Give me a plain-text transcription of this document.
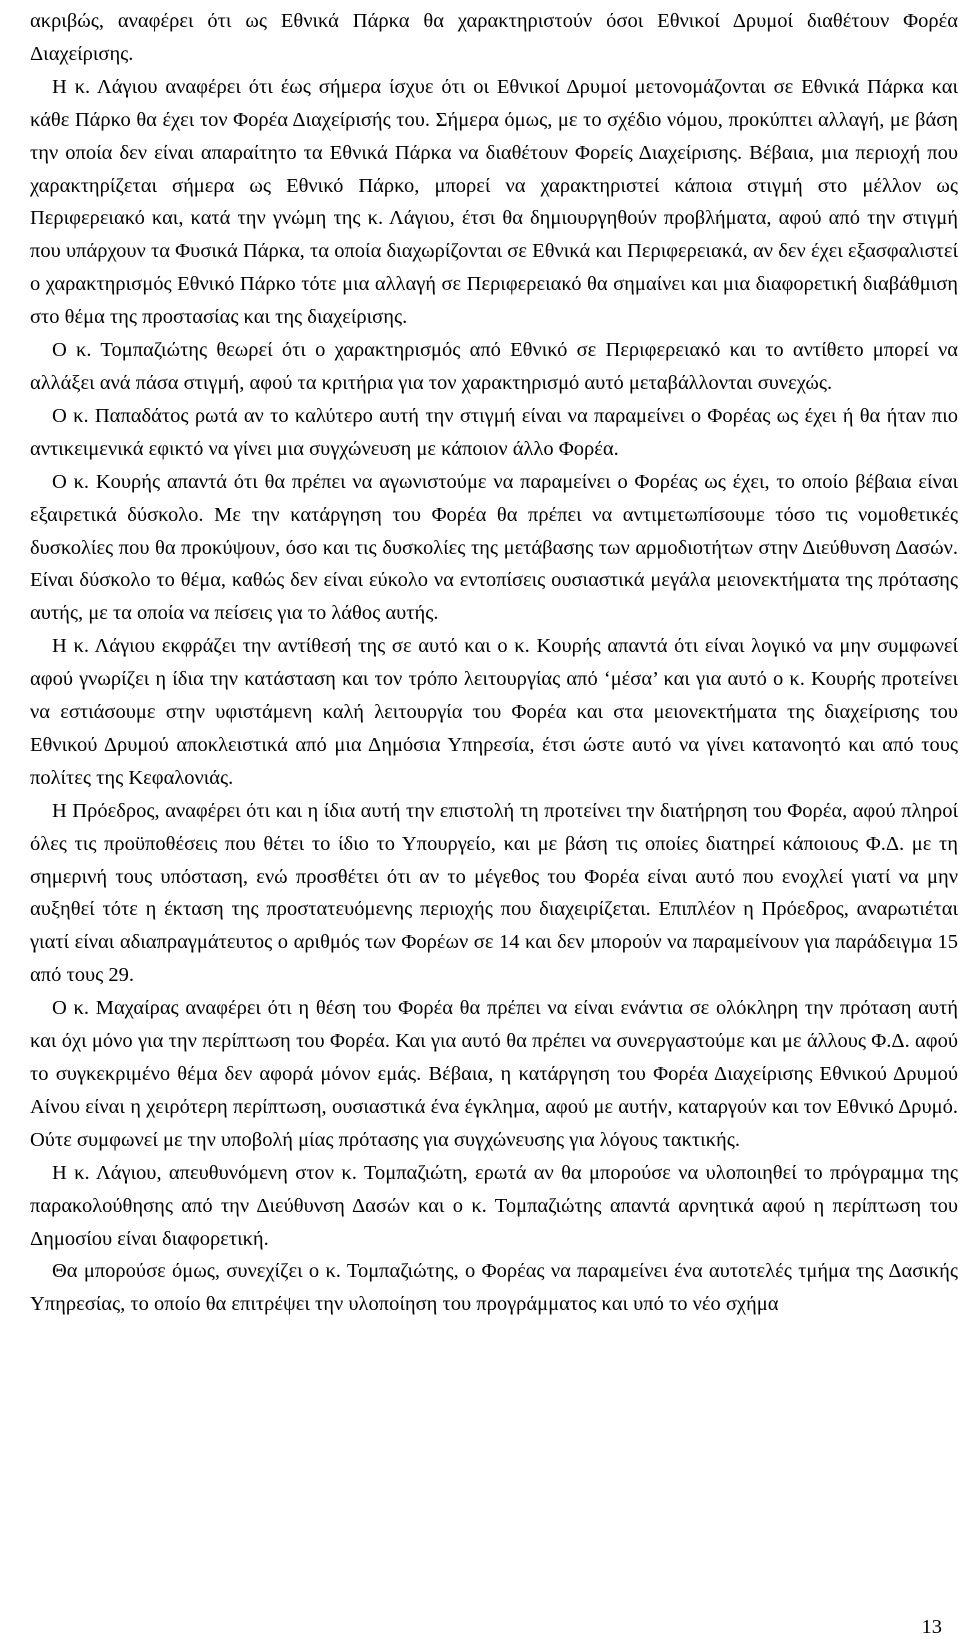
ακριβώς, αναφέρει ότι ως Εθνικά Πάρκα θα χαρακτηριστούν όσοι Εθνικοί Δρυμοί διαθέτουν Φορέα Διαχείρισης.

Η κ. Λάγιου αναφέρει ότι έως σήμερα ίσχυε ότι οι Εθνικοί Δρυμοί μετονομάζονται σε Εθνικά Πάρκα και κάθε Πάρκο θα έχει τον Φορέα Διαχείρισής του. Σήμερα όμως, με το σχέδιο νόμου, προκύπτει αλλαγή, με βάση την οποία δεν είναι απαραίτητο τα Εθνικά Πάρκα να διαθέτουν Φορείς Διαχείρισης. Βέβαια, μια περιοχή που χαρακτηρίζεται σήμερα ως Εθνικό Πάρκο, μπορεί να χαρακτηριστεί κάποια στιγμή στο μέλλον ως Περιφερειακό και, κατά την γνώμη της κ. Λάγιου, έτσι θα δημιουργηθούν προβλήματα, αφού από την στιγμή που υπάρχουν τα Φυσικά Πάρκα, τα οποία διαχωρίζονται σε Εθνικά και Περιφερειακά, αν δεν έχει εξασφαλιστεί ο χαρακτηρισμός Εθνικό Πάρκο τότε μια αλλαγή σε Περιφερειακό θα σημαίνει και μια διαφορετική διαβάθμιση στο θέμα της προστασίας και της διαχείρισης.

Ο κ. Τομπαζιώτης θεωρεί ότι ο χαρακτηρισμός από Εθνικό σε Περιφερειακό και το αντίθετο μπορεί να αλλάξει ανά πάσα στιγμή, αφού τα κριτήρια για τον χαρακτηρισμό αυτό μεταβάλλονται συνεχώς.

Ο κ. Παπαδάτος ρωτά αν το καλύτερο αυτή την στιγμή είναι να παραμείνει ο Φορέας ως έχει ή θα ήταν πιο αντικειμενικά εφικτό να γίνει μια συγχώνευση με κάποιον άλλο Φορέα.

Ο κ. Κουρής απαντά ότι θα πρέπει να αγωνιστούμε να παραμείνει ο Φορέας ως έχει, το οποίο βέβαια είναι εξαιρετικά δύσκολο. Με την κατάργηση του Φορέα θα πρέπει να αντιμετωπίσουμε τόσο τις νομοθετικές δυσκολίες που θα προκύψουν, όσο και τις δυσκολίες της μετάβασης των αρμοδιοτήτων στην Διεύθυνση Δασών. Είναι δύσκολο το θέμα, καθώς δεν είναι εύκολο να εντοπίσεις ουσιαστικά μεγάλα μειονεκτήματα της πρότασης αυτής, με τα οποία να πείσεις για το λάθος αυτής.

Η κ. Λάγιου εκφράζει την αντίθεσή της σε αυτό και ο κ. Κουρής απαντά ότι είναι λογικό να μην συμφωνεί αφού γνωρίζει η ίδια την κατάσταση και τον τρόπο λειτουργίας από ‘μέσα’ και για αυτό ο κ. Κουρής προτείνει να εστιάσουμε στην υφιστάμενη καλή λειτουργία του Φορέα και στα μειονεκτήματα της διαχείρισης του Εθνικού Δρυμού αποκλειστικά από μια Δημόσια Υπηρεσία, έτσι ώστε αυτό να γίνει κατανοητό και από τους πολίτες της Κεφαλονιάς.

Η Πρόεδρος, αναφέρει ότι και η ίδια αυτή την επιστολή τη προτείνει την διατήρηση του Φορέα, αφού πληροί όλες τις προϋποθέσεις που θέτει το ίδιο το Υπουργείο, και με βάση τις οποίες διατηρεί κάποιους Φ.Δ. με τη σημερινή τους υπόσταση, ενώ προσθέτει ότι αν το μέγεθος του Φορέα είναι αυτό που ενοχλεί γιατί να μην αυξηθεί τότε η έκταση της προστατευόμενης περιοχής που διαχειρίζεται. Επιπλέον η Πρόεδρος, αναρωτιέται γιατί είναι αδιαπραγμάτευτος ο αριθμός των Φορέων σε 14 και δεν μπορούν να παραμείνουν για παράδειγμα 15 από τους 29.

Ο κ. Μαχαίρας αναφέρει ότι η θέση του Φορέα θα πρέπει να είναι ενάντια σε ολόκληρη την πρόταση αυτή και όχι μόνο για την περίπτωση του Φορέα. Και για αυτό θα πρέπει να συνεργαστούμε και με άλλους Φ.Δ. αφού το συγκεκριμένο θέμα δεν αφορά μόνον εμάς. Βέβαια, η κατάργηση του Φορέα Διαχείρισης Εθνικού Δρυμού Αίνου είναι η χειρότερη περίπτωση, ουσιαστικά ένα έγκλημα, αφού με αυτήν, καταργούν και τον Εθνικό Δρυμό. Ούτε συμφωνεί με την υποβολή μίας πρότασης για συγχώνευσης για λόγους τακτικής.

Η κ. Λάγιου, απευθυνόμενη στον κ. Τομπαζιώτη, ερωτά αν θα μπορούσε να υλοποιηθεί το πρόγραμμα της παρακολούθησης από την Διεύθυνση Δασών και ο κ. Τομπαζιώτης απαντά αρνητικά αφού η περίπτωση του Δημοσίου είναι διαφορετική.

Θα μπορούσε όμως, συνεχίζει ο κ. Τομπαζιώτης, ο Φορέας να παραμείνει ένα αυτοτελές τμήμα της Δασικής Υπηρεσίας, το οποίο θα επιτρέψει την υλοποίηση του προγράμματος και υπό το νέο σχήμα

13
